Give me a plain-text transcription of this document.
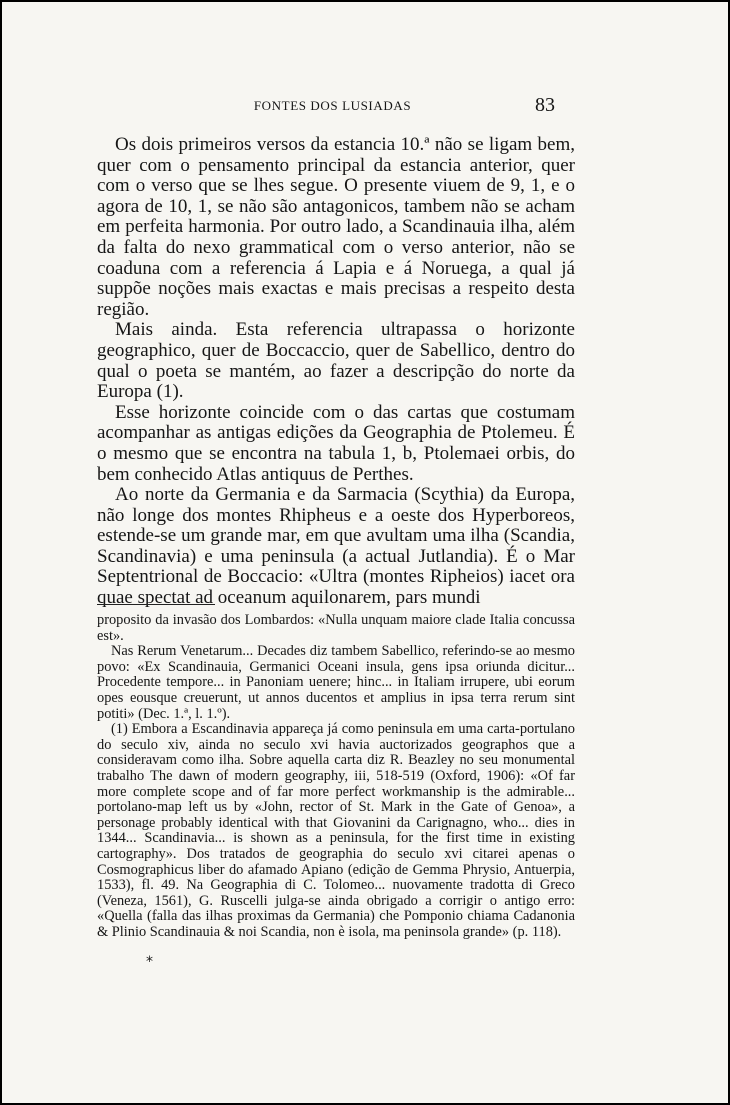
FONTES DOS LUSIADAS	83

Os dois primeiros versos da estancia 10.ª não se ligam bem, quer com o pensamento principal da estancia anterior, quer com o verso que se lhes segue. O presente viuem de 9, 1, e o agora de 10, 1, se não são antagonicos, tambem não se acham em perfeita harmonia. Por outro lado, a Scandinauia ilha, além da falta do nexo grammatical com o verso anterior, não se coaduna com a referencia á Lapia e á Noruega, a qual já suppõe noções mais exactas e mais precisas a respeito desta região.

Mais ainda. Esta referencia ultrapassa o horizonte geographico, quer de Boccaccio, quer de Sabellico, dentro do qual o poeta se mantém, ao fazer a descripção do norte da Europa (1).

Esse horizonte coincide com o das cartas que costumam acompanhar as antigas edições da Geographia de Ptolemeu. É o mesmo que se encontra na tabula 1, b, Ptolemaei orbis, do bem conhecido Atlas antiquus de Perthes.

Ao norte da Germania e da Sarmacia (Scythia) da Europa, não longe dos montes Rhipheus e a oeste dos Hyperboreos, estende-se um grande mar, em que avultam uma ilha (Scandia, Scandinavia) e uma peninsula (a actual Jutlandia). É o Mar Septentrional de Boccacio: «Ultra (montes Ripheios) iacet ora quae spectat ad oceanum aquilonarem, pars mundi

proposito da invasão dos Lombardos: «Nulla unquam maiore clade Italia concussa est».

Nas Rerum Venetarum... Decades diz tambem Sabellico, referindo-se ao mesmo povo: «Ex Scandinauia, Germanici Oceani insula, gens ipsa oriunda dicitur... Procedente tempore... in Panoniam uenere; hinc... in Italiam irrupere, ubi eorum opes eousque creuerunt, ut annos ducentos et amplius in ipsa terra rerum sint potiti» (Dec. 1.ª, l. 1.º).

(1) Embora a Escandinavia appareça já como peninsula em uma carta-portulano do seculo xiv, ainda no seculo xvi havia auctorizados geographos que a consideravam como ilha. Sobre aquella carta diz R. Beazley no seu monumental trabalho The dawn of modern geography, iii, 518-519 (Oxford, 1906): «Of far more complete scope and of far more perfect workmanship is the admirable... portolano-map left us by «John, rector of St. Mark in the Gate of Genoa», a personage probably identical with that Giovanini da Carignagno, who... dies in 1344... Scandinavia... is shown as a peninsula, for the first time in existing cartography». Dos tratados de geographia do seculo xvi citarei apenas o Cosmographicus liber do afamado Apiano (edição de Gemma Phrysio, Antuerpia, 1533), fl. 49. Na Geographia di C. Tolomeo... nuovamente tradotta di Greco (Veneza, 1561), G. Ruscelli julga-se ainda obrigado a corrigir o antigo erro: «Quella (falla das ilhas proximas da Germania) che Pomponio chiama Cadanonia & Plinio Scandinauia & noi Scandia, non è isola, ma peninsola grande» (p. 118).

*
